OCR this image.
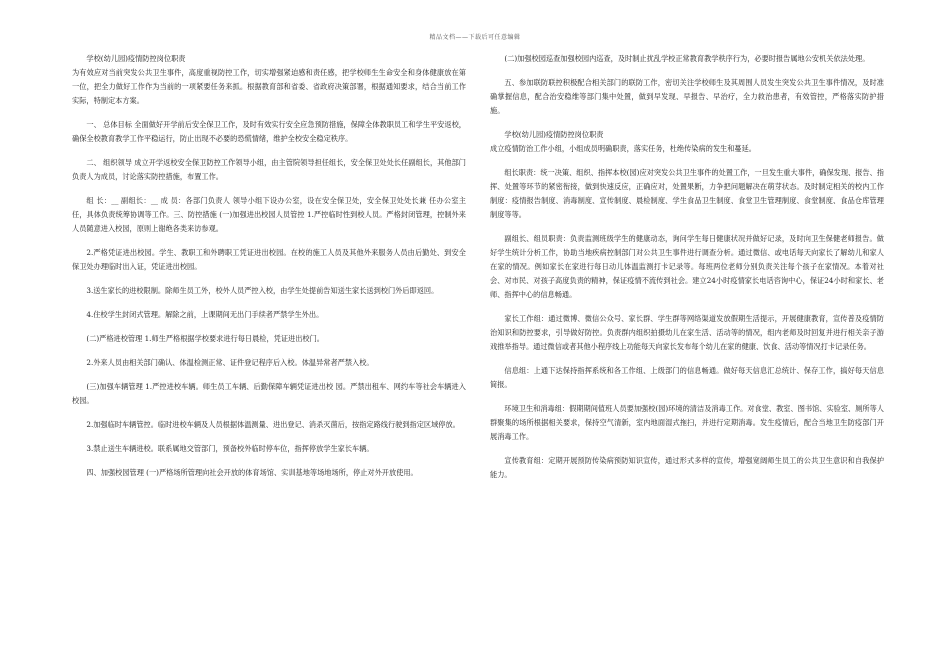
精品文档——下载后可任意编辑

学校(幼儿园)疫情防控岗位职责

为有效应对当前突发公共卫生事件，高度重视防控工作，切实增强紧迫感和责任感，把学校师生生命安全和身体健康放在第一位，把全力做好工作作为当前的一项紧要任务来抓。根据教育部和省委、省政府决策部署，根据通知要求，结合当前工作实际，特制定本方案。

一、 总体目标 全面做好开学前后安全保卫工作，及时有效实行安全应急预防措施，保障全体教职员工和学生平安返校，确保全校教育教学工作平稳运行，防止出现不必要的恐慌情绪，维护全校安全稳定秩序。

二、 组织领导 成立开学返校安全保卫防控工作领导小组，由主管院领导担任组长，安全保卫处处长任副组长，其他部门负责人为成员，讨论落实防控措施，布置工作。

组 长：__ 副组长：__ 成 员：各部门负责人 领导小组下设办公室，设在安全保卫处，安全保卫处处长兼 任办公室主任，具体负责统筹协调等工作。三、防控措施 (一)加强进出校园人员管控 1.严控临时性到校人员。严格封闭管理，控制外来人员随意进入校园，原则上谢绝各类来访参观。

2.严格凭证进出校园。学生、教职工和外聘职工凭证进出校园。在校的施工人员及其他外来服务人员由后勤处、到安全保卫处办理临时出入证，凭证进出校园。

3.送生家长的进校限制。除师生员工外，校外人员严控入校，由学生处提前告知送生家长送到校门外后即返回。

4.住校学生封闭式管理。解除之前，上课期间无出门手续者严禁学生外出。

(二)严格进校管理 1.师生严格根据学校要求进行每日晨检，凭证进出校门。

2.外来人员由相关部门确认、体温检测正常、证件登记程序后入校。体温异常者严禁入校。

(三)加强车辆管理 1.严控进校车辆。师生员工车辆、后勤保障车辆凭证进出校 园。严禁出租车、网约车等社会车辆进入校园。

2.加强临时车辆管控。临时进校车辆及人员根据体温测量、进出登记、消杀灭菌后，按指定路线行驶到指定区域停放。

3.禁止送生车辆进校。联系属地交管部门，预备校外临时停车位，指挥停放学生家长车辆。

四、加强校园管理 (一)严格场所管理向社会开放的体育场馆、实训基地等场地场所，停止对外开放使用。

(二)加强校园巡查加强校园内巡查，及时制止扰乱学校正常教育教学秩序行为，必要时报告属地公安机关依法处理。

五、参加联防联控积极配合相关部门的联防工作，密切关注学校师生及其周围人员发生突发公共卫生事件情况，及时准确掌握信息，配合治安稳维等部门集中处置，做到早发现、早报告、早治疗，全力救治患者，有效管控，严格落实防护措施。

学校(幼儿园)疫情防控岗位职责

成立疫情防治工作小组，小组成员明确职责，落实任务，杜绝传染病的发生和蔓延。

组长职责：统一决策、组织、指挥本校(园)应对突发公共卫生事件的处置工作，一旦发生重大事件，确保发现、报告、指挥、处置等环节的紧密衔接，做到快速反应，正确应对，处置果断，力争把问题解决在萌芽状态。及时制定相关的校内工作制度：疫情报告制度、消毒制度、宣传制度、晨检制度、学生食品卫生制度、食堂卫生管理制度、食堂制度、食品仓库管理制度等等。

副组长、组员职责：负责监测班级学生的健康动态，询问学生每日健康状况并做好记录，及时向卫生保健老师报告。做好学生统计分析工作，协助当地疾病控制部门对公共卫生事件进行调查分析。通过微信、或电话每天向家长了解幼儿和家人在家的情况。例如家长在家进行每日动儿体温监测打卡记录等。每班两位老师分别负责关注每个孩子在家情况。本着对社会、对市民、对孩子高度负责的精神，保证疫情不流传到社会。建立24小时疫情家长电话咨询中心，保证24小时和家长、老师、指挥中心的信息畅通。

家长工作组：通过微博、微信公众号、家长群、学生群等网络渠道发放假期生活提示，开展健康教育，宣传普及疫情防治知识和防控要求，引导做好防控。负责群内组织拍摄幼儿在家生活、活动等的情况，组内老师及时回复并进行相关亲子游戏推举指导。通过微信或者其他小程序线上功能每天向家长发布每个幼儿在家的健康、饮食、活动等情况打卡记录任务。

信息组：上通下达保持指挥系统和各工作组、上级部门的信息畅通。做好每天信息汇总统计、保存工作，搞好每天信息简报。

环境卫生和消毒组：假期期间值班人员要加强校(园)环境的清洁及消毒工作。对食堂、教室、图书馆、实验室、厕所等人群聚集的场所根据相关要求，保持空气清新，室内地面湿式拖扫，并进行定期消毒。发生疫情后，配合当地卫生防疫部门开展消毒工作。

宣传教育组：定期开展预防传染病预防知识宣传，通过形式多样的宣传，增强宽阔师生员工的公共卫生意识和自我保护能力。
